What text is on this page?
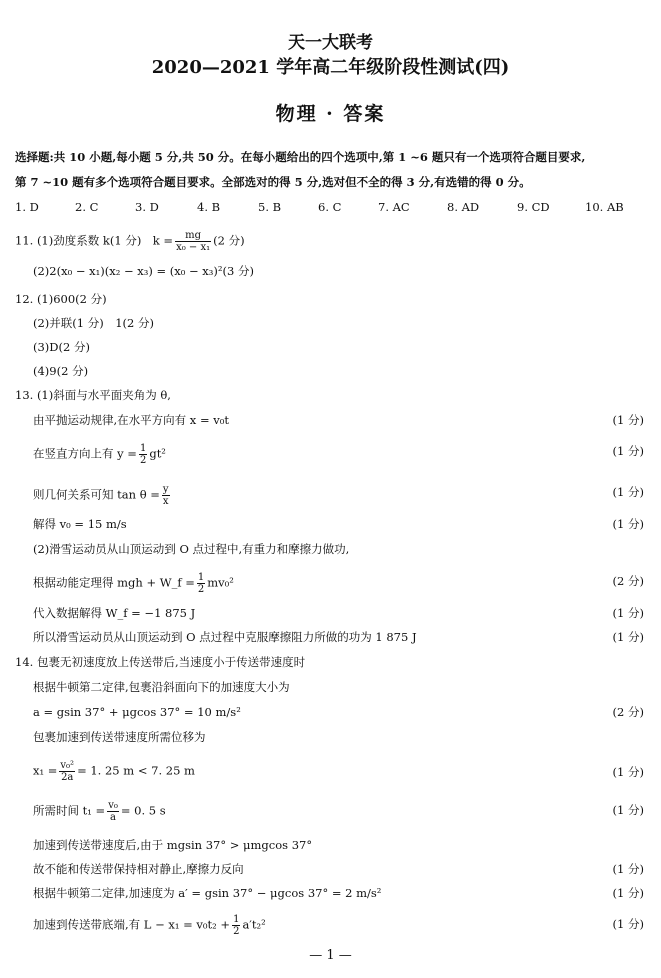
天一大联考
2020—2021 学年高二年级阶段性测试(四)
物理 · 答案
选择题:共 10 小题,每小题 5 分,共 50 分。在每小题给出的四个选项中,第 1 ~6 题只有一个选项符合题目要求,
第 7 ~10 题有多个选项符合题目要求。全部选对的得 5 分,选对但不全的得 3 分,有选错的得 0 分。
1. D	2. C	3. D	4. B	5. B	6. C	7. AC	8. AD	9. CD	10. AB
11. (1)劲度系数 k(1 分)　$k = \frac{mg}{\text{x₀ − x₁}} (2$ 分)
(2)2(x₀ − x₁)(x₂ − x₃) = (x₀ − x₃)²(3 分)
12. (1)600(2 分)
(2)并联(1 分)　1(2 分)
(3)D(2 分)
(4)9(2 分)
13. (1)斜面与水平面夹角为 θ,
由平抛运动规律,在水平方向有 x = v₀t	(1 分)
在竖直方向上有 $y = \frac{1}{2} gt^2$	(1 分)
则几何关系可知 $\tan \theta = \frac{y}{x}$	(1 分)
解得 v₀ = 15 m/s	(1 分)
(2)滑雪运动员从山顶运动到 O 点过程中,有重力和摩擦力做功,
根据动能定理得 mgh + W_f = $\frac{1}{2} mv_0^2$	(2 分)
代入数据解得 W_f = −1 875 J	(1 分)
所以滑雪运动员从山顶运动到 O 点过程中克服摩擦阻力所做的功为 1 875 J	(1 分)
14. 包裹无初速度放上传送带后,当速度小于传送带速度时
根据牛顿第二定律,包裹沿斜面向下的加速度大小为
a = gsin 37° + μgcos 37° = 10 m/s²	(2 分)
包裹加速到传送带速度所需位移为
$x_1 = \frac{\text{v₀²}}{2a} = 1$. 25 m < 7. 25 m	(1 分)
所需时间 $t_1 = \frac{\text{v₀}}{a} = 0$. 5 s	(1 分)
加速到传送带速度后,由于 mgsin 37° > μmgcos 37°
故不能和传送带保持相对静止,摩擦力反向	(1 分)
根据牛顿第二定律,加速度为 a′ = gsin 37° − μgcos 37° = 2 m/s²	(1 分)
加速到传送带底端,有 $L - x_1 = v_0t_2 + \frac{1}{2} a't_2^2$	(1 分)
— 1 —
